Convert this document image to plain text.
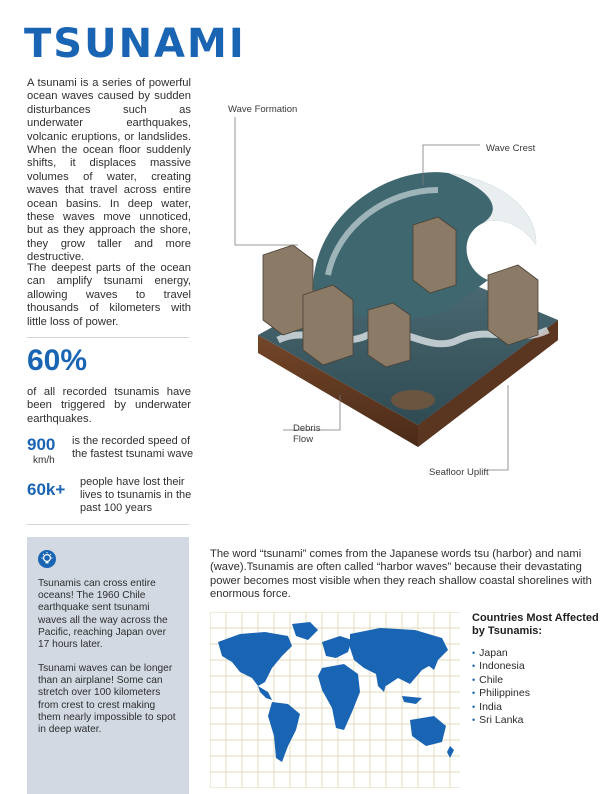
TSUNAMI
A tsunami is a series of powerful ocean waves caused by sudden disturbances such as underwater earthquakes, volcanic eruptions, or landslides. When the ocean floor suddenly shifts, it displaces massive volumes of water, creating waves that travel across entire ocean basins. In deep water, these waves move unnoticed, but as they approach the shore, they grow taller and more destructive.
The deepest parts of the ocean can amplify tsunami energy, allowing waves to travel thousands of kilometers with little loss of power.
60%
of all recorded tsunamis have been triggered by underwater earthquakes.
900
km/h
is the recorded speed of the fastest tsunami wave
60k+ people have lost their lives to tsunamis in the past 100 years
Tsunamis can cross entire oceans! The 1960 Chile earthquake sent tsunami waves all the way across the Pacific, reaching Japan over 17 hours later.
Tsunami waves can be longer than an airplane! Some can stretch over 100 kilometers from crest to crest making them nearly impossible to spot in deep water.
Wave Formation
Wave Crest
Debris
Flow
Seafloor Uplift
The word “tsunami” comes from the Japanese words tsu (harbor) and nami (wave).Tsunamis are often called “harbor waves” because their devastating power becomes most visible when they reach shallow coastal shorelines with enormous force.
Countries Most Affected by Tsunamis:
• Japan
• Indonesia
• Chile
• Philippines
• India
• Sri Lanka
